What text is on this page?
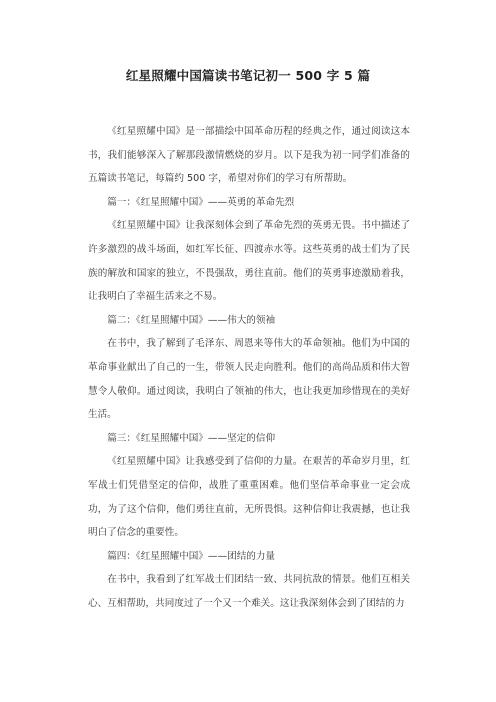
红星照耀中国篇读书笔记初一 500 字 5 篇

《红星照耀中国》是一部描绘中国革命历程的经典之作，通过阅读这本书，我们能够深入了解那段激情燃烧的岁月。以下是我为初一同学们准备的五篇读书笔记，每篇约 500 字，希望对你们的学习有所帮助。

篇一：《红星照耀中国》——英勇的革命先烈

《红星照耀中国》让我深刻体会到了革命先烈的英勇无畏。书中描述了许多激烈的战斗场面，如红军长征、四渡赤水等。这些英勇的战士们为了民族的解放和国家的独立，不畏强敌，勇往直前。他们的英勇事迹激励着我，让我明白了幸福生活来之不易。

篇二：《红星照耀中国》——伟大的领袖

在书中，我了解到了毛泽东、周恩来等伟大的革命领袖。他们为中国的革命事业献出了自己的一生，带领人民走向胜利。他们的高尚品质和伟大智慧令人敬仰。通过阅读，我明白了领袖的伟大，也让我更加珍惜现在的美好生活。

篇三：《红星照耀中国》——坚定的信仰

《红星照耀中国》让我感受到了信仰的力量。在艰苦的革命岁月里，红军战士们凭借坚定的信仰，战胜了重重困难。他们坚信革命事业一定会成功，为了这个信仰，他们勇往直前，无所畏惧。这种信仰让我震撼，也让我明白了信念的重要性。

篇四：《红星照耀中国》——团结的力量

在书中，我看到了红军战士们团结一致、共同抗敌的情景。他们互相关心、互相帮助，共同度过了一个又一个难关。这让我深刻体会到了团结的力
